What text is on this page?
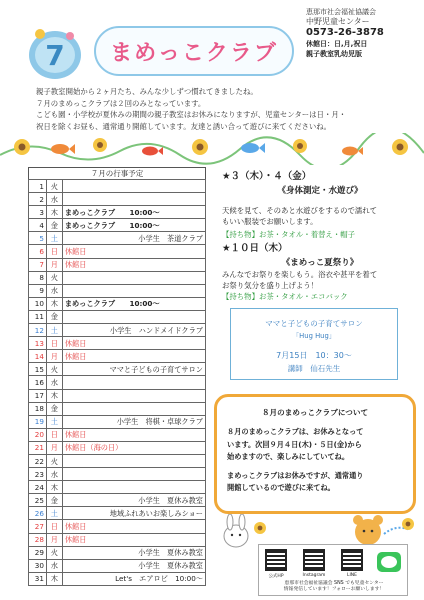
7 まめっこクラブ
恵那市社会福祉協議会
中野児童センター
0573-26-3878
休館日：日,月,祝日
親子教室乳幼児版

親子教室開始から２ヶ月たち、みんな少しずつ慣れてきましたね。

７月のまめっこクラブは２回のみとなっています。

こども園・小学校が夏休みの期間の親子教室はお休みになりますが、児童センターは日・月・

祝日を除くお昼も、通常通り開館しています。友達と誘い合って遊びに来てくださいね。

７月の行事予定
1	火	
2	水	
3	木	まめっこクラブ　　10:00〜
4	金	まめっこクラブ　　10:00〜
5	土	小学生　茶道クラブ
6	日	休館日
7	月	休館日
8	火	
9	水	
10	木	まめっこクラブ　　10:00〜
11	金	
12	土	小学生　ハンドメイドクラブ
13	日	休館日
14	月	休館日
15	火	ママと子どもの子育てサロン
16	水	
17	木	
18	金	
19	土	小学生　将棋・卓球クラブ
20	日	休館日
21	月	休館日（海の日）
22	火	
23	水	
24	木	
25	金	小学生　夏休み教室
26	土	地域ふれあいお楽しみショー
27	日	休館日
28	月	休館日
29	火	小学生　夏休み教室
30	水	小学生　夏休み教室
31	木	Let's　エアロビ　10:00〜
★３（木）・４（金）
《身体測定・水遊び》
天候を見て、そのあと水遊びをするので濡れて
もいい服装でお願いします。
【持ち物】お茶・タオル・着替え・帽子
★１０日（木）
《まめっこ夏祭り》
みんなでお祭りを楽しもう。浴衣や甚平を着て
お祭り気分を盛り上げよう！
【持ち物】お茶・タオル・エコバック
ママと子どもの子育てサロン
「Hug Hug」
7月15日　10：30〜
講師　仙石先生
８月のまめっこクラブについて
８月のまめっこクラブは、お休みとなって
います。次回９月４日(木)・５日(金)から
始めますので、楽しみにしていてね。
まめっこクラブはお休みですが、通常通り
開館しているので遊びに来てね。
公式HP	Instagram	LINE
恵那市社会福祉協議会 SNS でも児童センター
情報発信しています！フォローお願いします！
